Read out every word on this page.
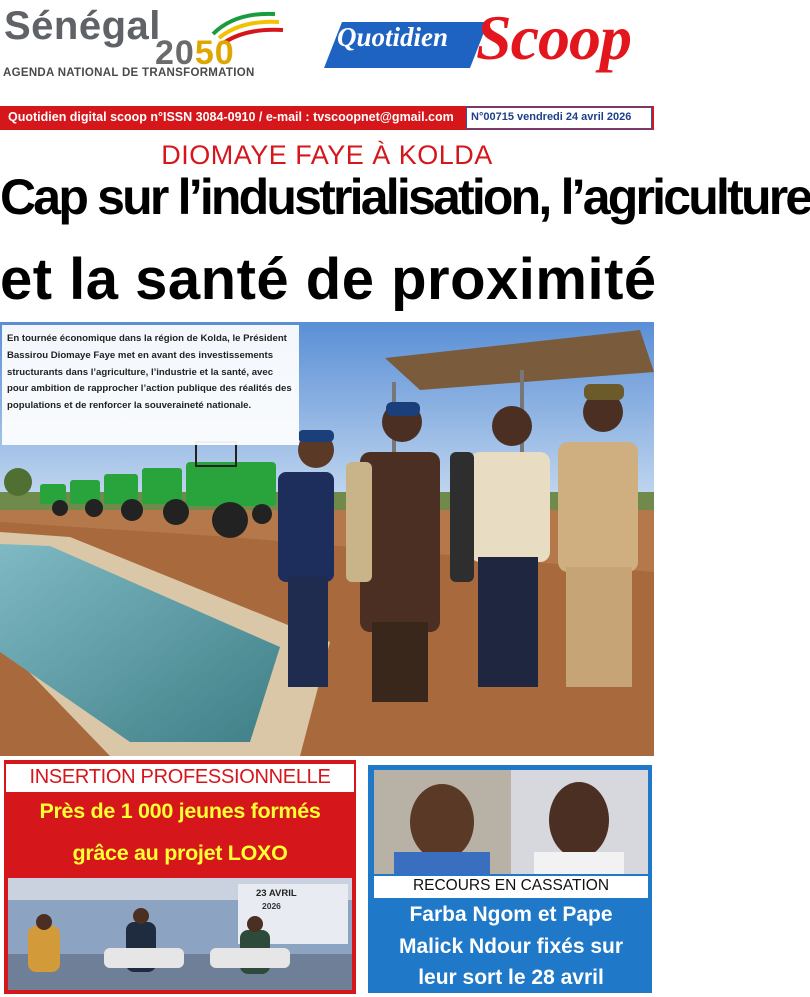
Sénégal
2050
AGENDA NATIONAL DE TRANSFORMATION
Quotidien Scoop
Quotidien digital scoop n°ISSN 3084-0910 / e-mail : tvscoopnet@gmail.com N°00715 vendredi 24 avril 2026
DIOMAYE FAYE À KOLDA
Cap sur l’industrialisation, l’agriculture
et la santé de proximité
En tournée économique dans la région de Kolda, le Président Bassirou Diomaye Faye met en avant des investissements structurants dans l’agriculture, l’industrie et la santé, avec pour ambition de rapprocher l’action publique des réalités des populations et de renforcer la souveraineté nationale.
INSERTION PROFESSIONNELLE
Près de 1 000 jeunes formés
grâce au projet LOXO
23 AVRIL
2026
RECOURS EN CASSATION
Farba Ngom et Pape
Malick Ndour fixés sur
leur sort le 28 avril
